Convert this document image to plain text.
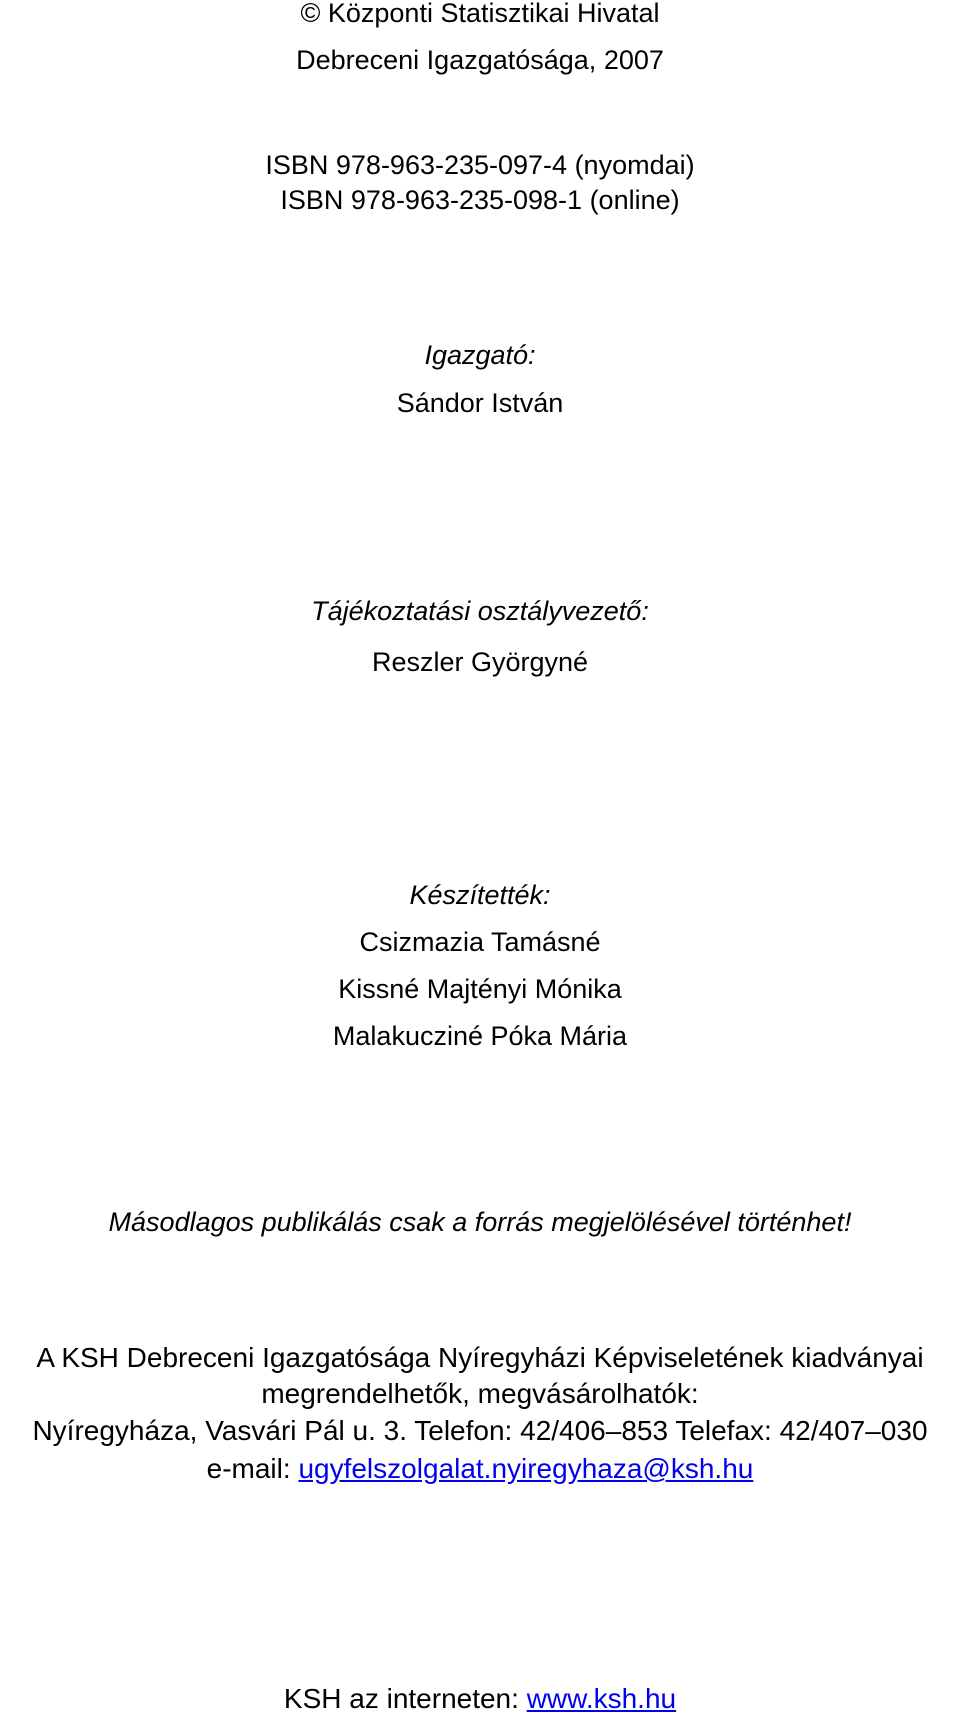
© Központi Statisztikai Hivatal
Debreceni Igazgatósága, 2007
ISBN 978-963-235-097-4 (nyomdai)
ISBN 978-963-235-098-1 (online)
Igazgató:
Sándor István
Tájékoztatási osztályvezető:
Reszler Györgyné
Készítették:
Csizmazia Tamásné
Kissné Majtényi Mónika
Malakucziné Póka Mária
Másodlagos publikálás csak a forrás megjelölésével történhet!
A KSH Debreceni Igazgatósága Nyíregyházi Képviseletének kiadványai
megrendelhetők, megvásárolhatók:
Nyíregyháza, Vasvári Pál u. 3. Telefon: 42/406–853 Telefax: 42/407–030
e-mail: ugyfelszolgalat.nyiregyhaza@ksh.hu
KSH az interneten: www.ksh.hu
